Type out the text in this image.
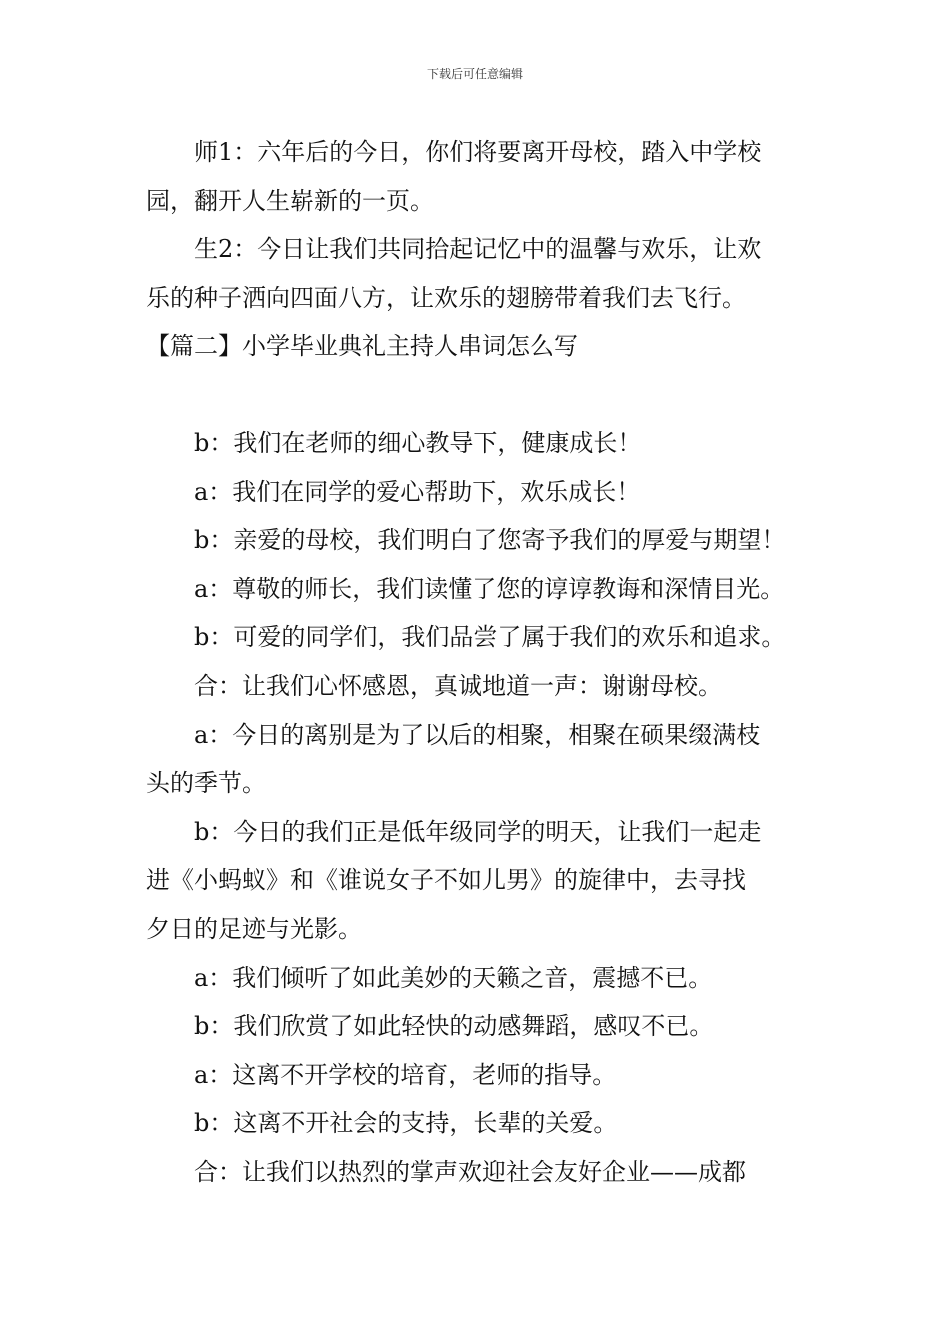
下载后可任意编辑

师1：六年后的今日，你们将要离开母校，踏入中学校
园，翻开人生崭新的一页。

生2：今日让我们共同拾起记忆中的温馨与欢乐，让欢
乐的种子洒向四面八方，让欢乐的翅膀带着我们去飞行。

【篇二】小学毕业典礼主持人串词怎么写

b：我们在老师的细心教导下，健康成长！

a：我们在同学的爱心帮助下，欢乐成长！

b：亲爱的母校，我们明白了您寄予我们的厚爱与期望！

a：尊敬的师长，我们读懂了您的谆谆教诲和深情目光。

b：可爱的同学们，我们品尝了属于我们的欢乐和追求。

合：让我们心怀感恩，真诚地道一声：谢谢母校。

a：今日的离别是为了以后的相聚，相聚在硕果缀满枝
头的季节。

b：今日的我们正是低年级同学的明天，让我们一起走
进《小蚂蚁》和《谁说女子不如儿男》的旋律中，去寻找
夕日的足迹与光影。

a：我们倾听了如此美妙的天籁之音，震撼不已。

b：我们欣赏了如此轻快的动感舞蹈，感叹不已。

a：这离不开学校的培育，老师的指导。

b：这离不开社会的支持，长辈的关爱。

合：让我们以热烈的掌声欢迎社会友好企业——成都
